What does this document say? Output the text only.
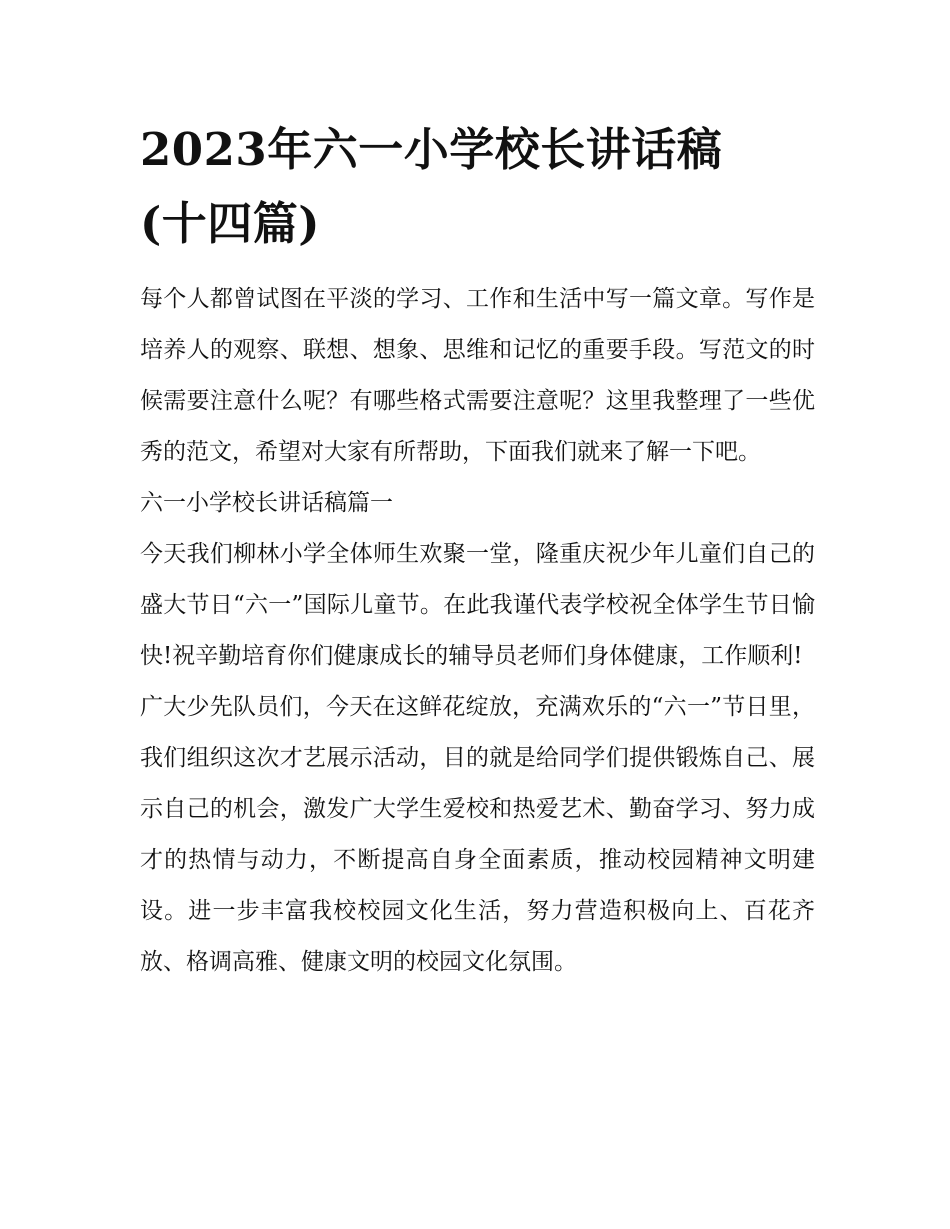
2023年六一小学校长讲话稿
(十四篇)

每个人都曾试图在平淡的学习、工作和生活中写一篇文章。写作是培养人的观察、联想、想象、思维和记忆的重要手段。写范文的时候需要注意什么呢？有哪些格式需要注意呢？这里我整理了一些优秀的范文，希望对大家有所帮助，下面我们就来了解一下吧。

六一小学校长讲话稿篇一

今天我们柳林小学全体师生欢聚一堂，隆重庆祝少年儿童们自己的盛大节日“六一”国际儿童节。在此我谨代表学校祝全体学生节日愉快!祝辛勤培育你们健康成长的辅导员老师们身体健康，工作顺利!

广大少先队员们，今天在这鲜花绽放，充满欢乐的“六一”节日里，我们组织这次才艺展示活动，目的就是给同学们提供锻炼自己、展示自己的机会，激发广大学生爱校和热爱艺术、勤奋学习、努力成才的热情与动力，不断提高自身全面素质，推动校园精神文明建设。进一步丰富我校校园文化生活，努力营造积极向上、百花齐放、格调高雅、健康文明的校园文化氛围。
